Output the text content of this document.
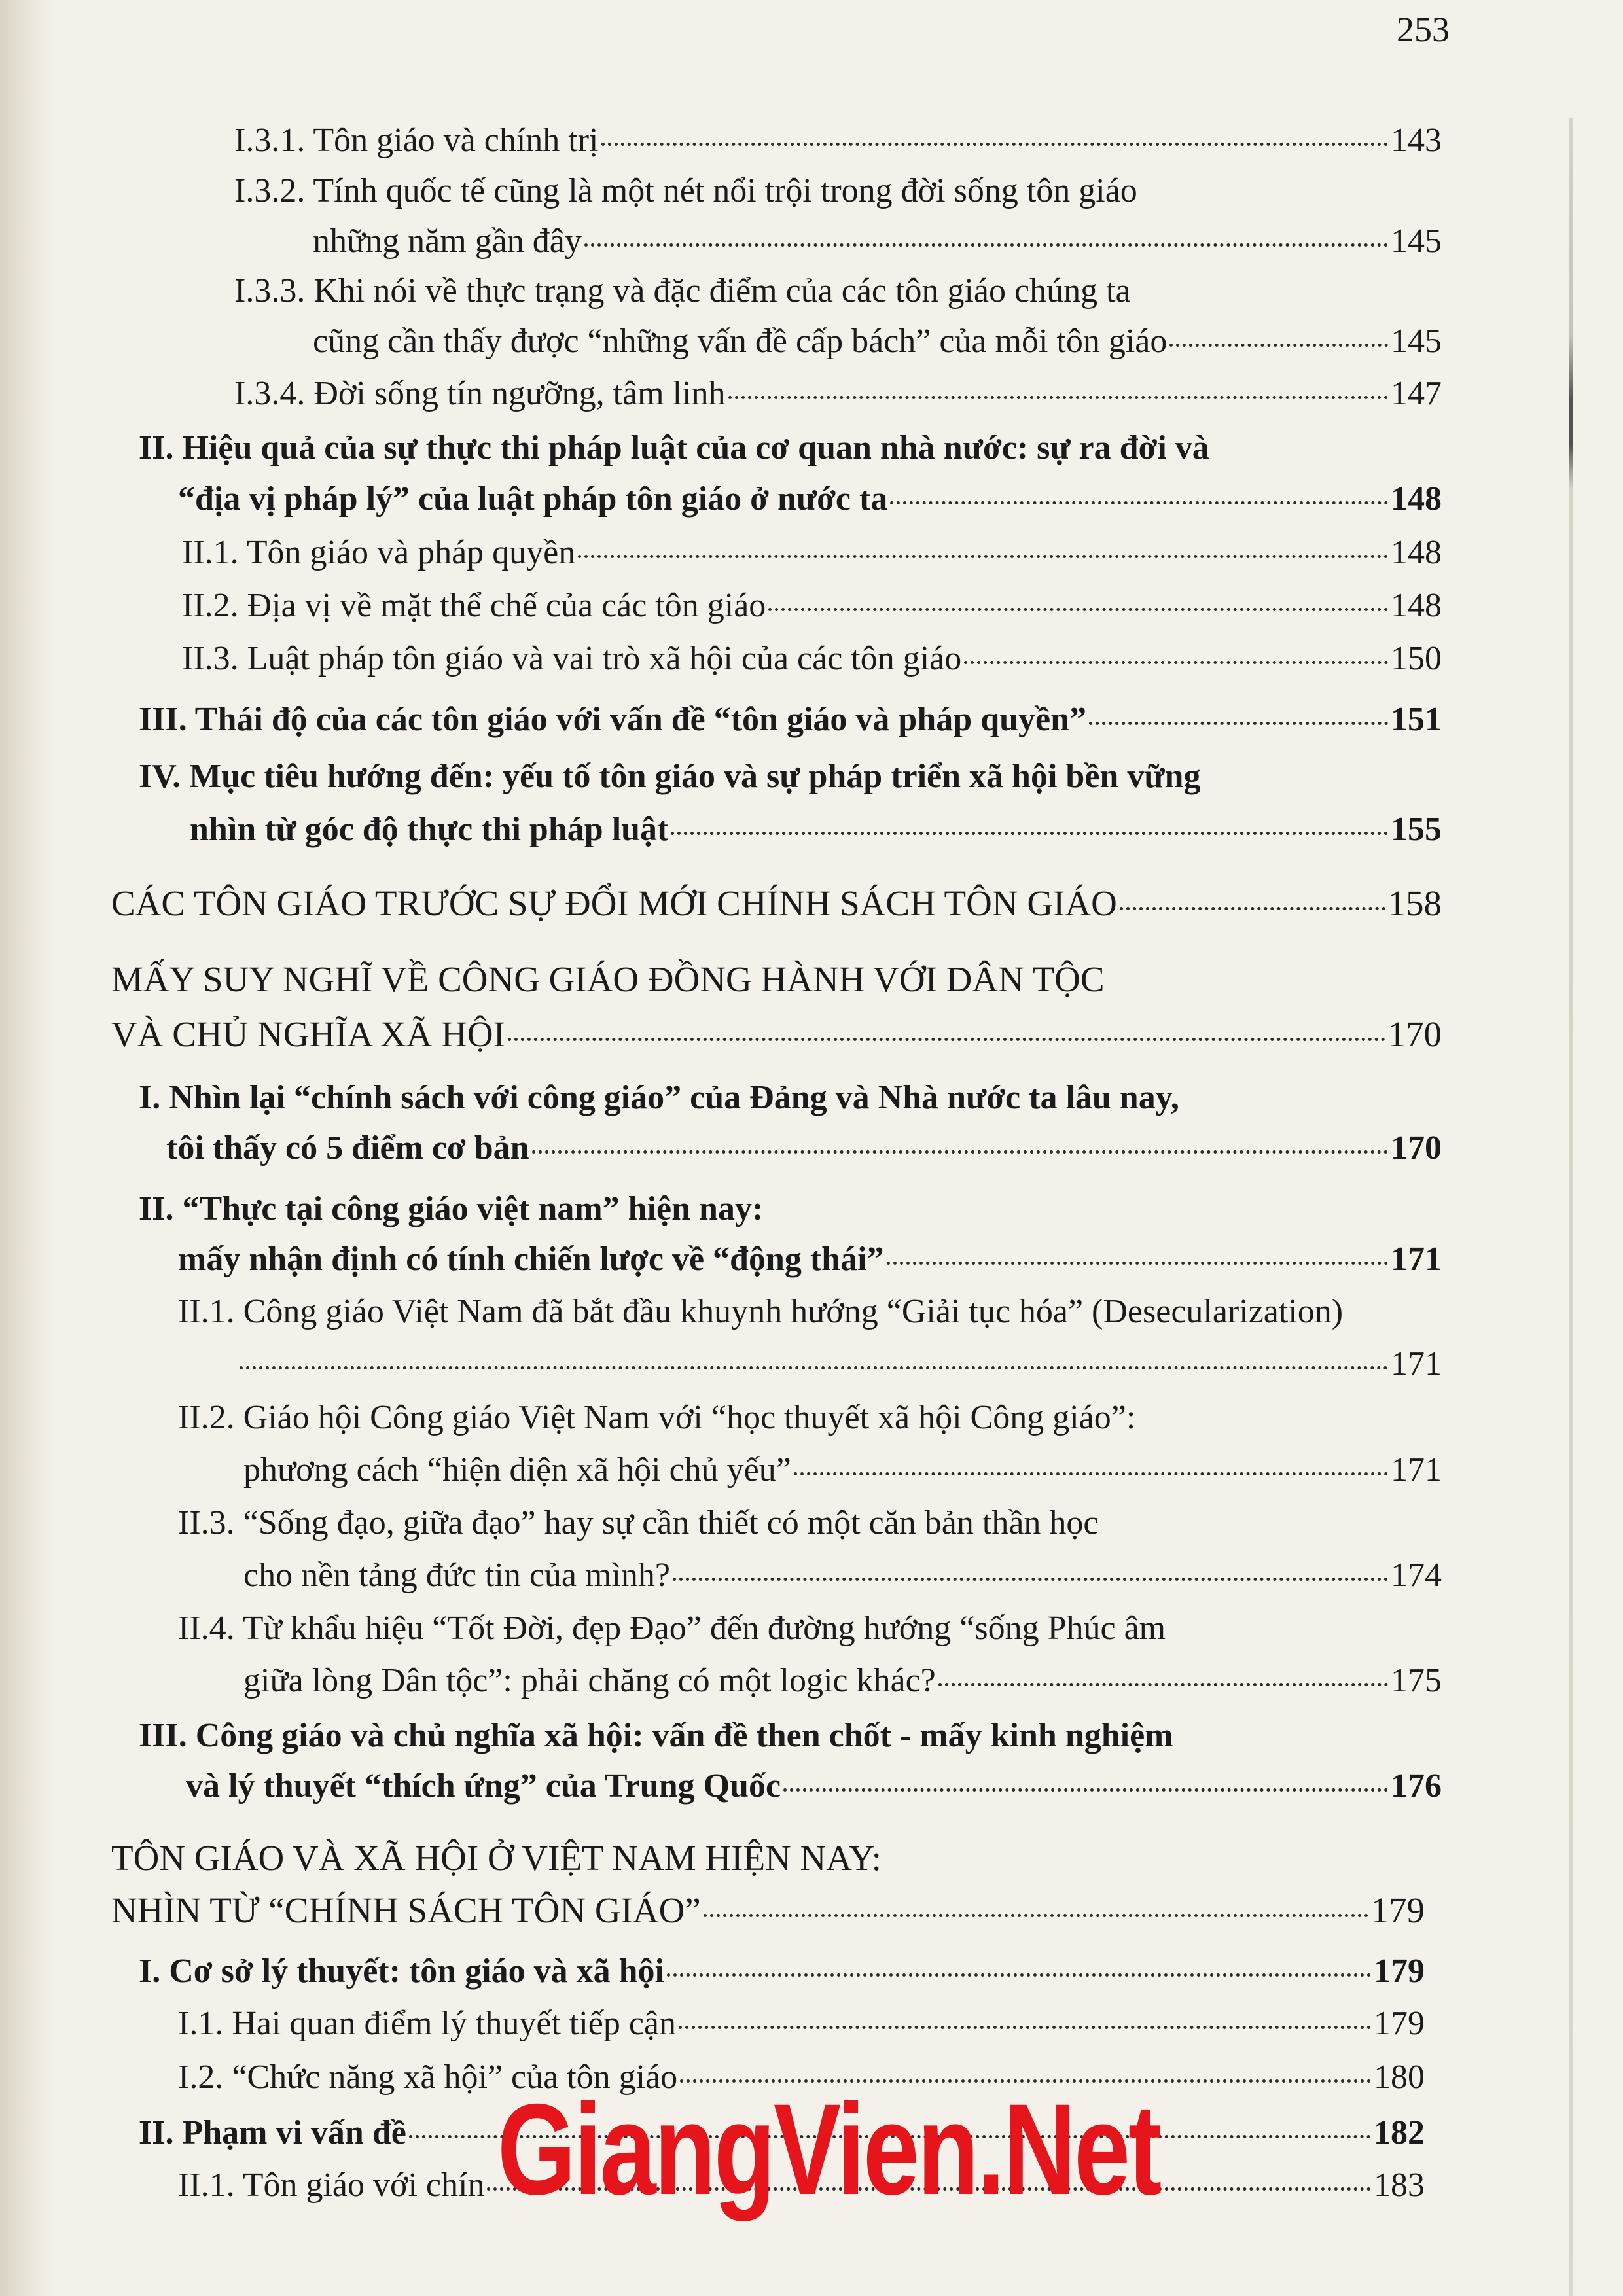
253
I.3.1. Tôn giáo và chính trị	143
I.3.2. Tính quốc tế cũng là một nét nổi trội trong đời sống tôn giáo
những năm gần đây	145
I.3.3. Khi nói về thực trạng và đặc điểm của các tôn giáo chúng ta
cũng cần thấy được “những vấn đề cấp bách” của mỗi tôn giáo	145
I.3.4. Đời sống tín ngưỡng, tâm linh	147
II. Hiệu quả của sự thực thi pháp luật của cơ quan nhà nước: sự ra đời và
“địa vị pháp lý” của luật pháp tôn giáo ở nước ta	148
II.1. Tôn giáo và pháp quyền	148
II.2. Địa vị về mặt thể chế của các tôn giáo	148
II.3. Luật pháp tôn giáo và vai trò xã hội của các tôn giáo	150
III. Thái độ của các tôn giáo với vấn đề “tôn giáo và pháp quyền”	151
IV. Mục tiêu hướng đến: yếu tố tôn giáo và sự pháp triển xã hội bền vững
nhìn từ góc độ thực thi pháp luật	155
CÁC TÔN GIÁO TRƯỚC SỰ ĐỔI MỚI CHÍNH SÁCH TÔN GIÁO	158
MẤY SUY NGHĨ VỀ CÔNG GIÁO ĐỒNG HÀNH VỚI DÂN TỘC
VÀ CHỦ NGHĨA XÃ HỘI	170
I. Nhìn lại “chính sách với công giáo” của Đảng và Nhà nước ta lâu nay,
tôi thấy có 5 điểm cơ bản	170
II. “Thực tại công giáo việt nam” hiện nay:
mấy nhận định có tính chiến lược về “động thái”	171
II.1. Công giáo Việt Nam đã bắt đầu khuynh hướng “Giải tục hóa” (Desecularization)
171
II.2. Giáo hội Công giáo Việt Nam với “học thuyết xã hội Công giáo”:
phương cách “hiện diện xã hội chủ yếu”	171
II.3. “Sống đạo, giữa đạo” hay sự cần thiết có một căn bản thần học
cho nền tảng đức tin của mình?	174
II.4. Từ khẩu hiệu “Tốt Đời, đẹp Đạo” đến đường hướng “sống Phúc âm
giữa lòng Dân tộc”: phải chăng có một logic khác?	175
III. Công giáo và chủ nghĩa xã hội: vấn đề then chốt - mấy kinh nghiệm
và lý thuyết “thích ứng” của Trung Quốc	176
TÔN GIÁO VÀ XÃ HỘI Ở VIỆT NAM HIỆN NAY:
NHÌN TỪ “CHÍNH SÁCH TÔN GIÁO”	179
I. Cơ sở lý thuyết: tôn giáo và xã hội	179
I.1. Hai quan điểm lý thuyết tiếp cận	179
I.2. “Chức năng xã hội” của tôn giáo	180
II. Phạm vi vấn đề	182
II.1. Tôn giáo với chín	183
GiangVien.Net
